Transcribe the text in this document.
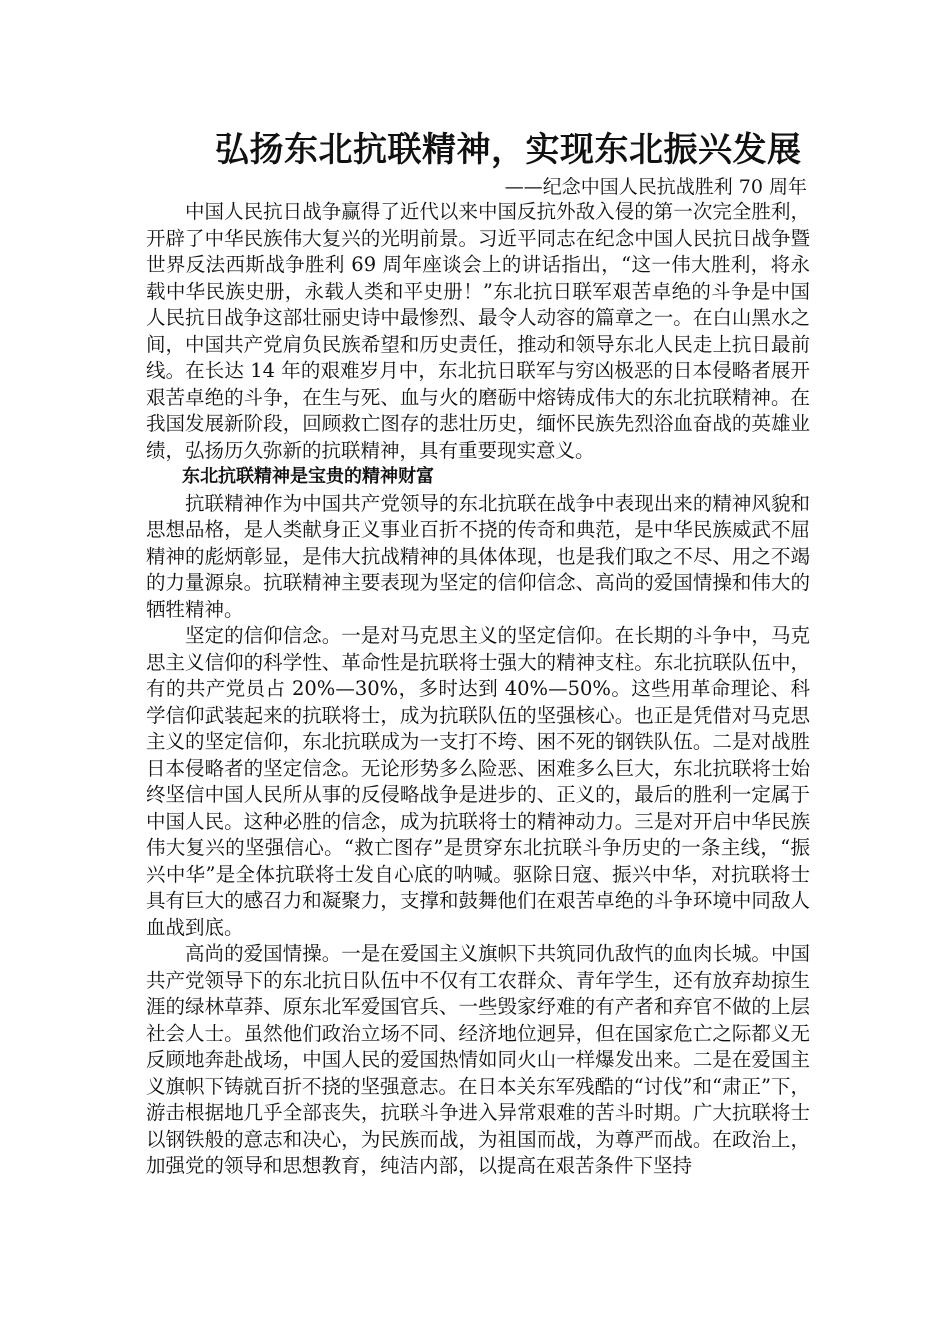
弘扬东北抗联精神，实现东北振兴发展
——纪念中国人民抗战胜利 70 周年

中国人民抗日战争赢得了近代以来中国反抗外敌入侵的第一次完全胜利，开辟了中华民族伟大复兴的光明前景。习近平同志在纪念中国人民抗日战争暨世界反法西斯战争胜利 69 周年座谈会上的讲话指出，“这一伟大胜利，将永载中华民族史册，永载人类和平史册！”东北抗日联军艰苦卓绝的斗争是中国人民抗日战争这部壮丽史诗中最惨烈、最令人动容的篇章之一。在白山黑水之间，中国共产党肩负民族希望和历史责任，推动和领导东北人民走上抗日最前线。在长达 14 年的艰难岁月中，东北抗日联军与穷凶极恶的日本侵略者展开艰苦卓绝的斗争，在生与死、血与火的磨砺中熔铸成伟大的东北抗联精神。在我国发展新阶段，回顾救亡图存的悲壮历史，缅怀民族先烈浴血奋战的英雄业绩，弘扬历久弥新的抗联精神，具有重要现实意义。

东北抗联精神是宝贵的精神财富

抗联精神作为中国共产党领导的东北抗联在战争中表现出来的精神风貌和思想品格，是人类献身正义事业百折不挠的传奇和典范，是中华民族威武不屈精神的彪炳彰显，是伟大抗战精神的具体体现，也是我们取之不尽、用之不竭的力量源泉。抗联精神主要表现为坚定的信仰信念、高尚的爱国情操和伟大的牺牲精神。

坚定的信仰信念。一是对马克思主义的坚定信仰。在长期的斗争中，马克思主义信仰的科学性、革命性是抗联将士强大的精神支柱。东北抗联队伍中，有的共产党员占 20%—30%，多时达到 40%—50%。这些用革命理论、科学信仰武装起来的抗联将士，成为抗联队伍的坚强核心。也正是凭借对马克思主义的坚定信仰，东北抗联成为一支打不垮、困不死的钢铁队伍。二是对战胜日本侵略者的坚定信念。无论形势多么险恶、困难多么巨大，东北抗联将士始终坚信中国人民所从事的反侵略战争是进步的、正义的，最后的胜利一定属于中国人民。这种必胜的信念，成为抗联将士的精神动力。三是对开启中华民族伟大复兴的坚强信心。“救亡图存”是贯穿东北抗联斗争历史的一条主线，“振兴中华”是全体抗联将士发自心底的呐喊。驱除日寇、振兴中华，对抗联将士具有巨大的感召力和凝聚力，支撑和鼓舞他们在艰苦卓绝的斗争环境中同敌人血战到底。

高尚的爱国情操。一是在爱国主义旗帜下共筑同仇敌忾的血肉长城。中国共产党领导下的东北抗日队伍中不仅有工农群众、青年学生，还有放弃劫掠生涯的绿林草莽、原东北军爱国官兵、一些毁家纾难的有产者和弃官不做的上层社会人士。虽然他们政治立场不同、经济地位迥异，但在国家危亡之际都义无反顾地奔赴战场，中国人民的爱国热情如同火山一样爆发出来。二是在爱国主义旗帜下铸就百折不挠的坚强意志。在日本关东军残酷的“讨伐”和“肃正”下，游击根据地几乎全部丧失，抗联斗争进入异常艰难的苦斗时期。广大抗联将士以钢铁般的意志和决心，为民族而战，为祖国而战，为尊严而战。在政治上，加强党的领导和思想教育，纯洁内部，以提高在艰苦条件下坚持
